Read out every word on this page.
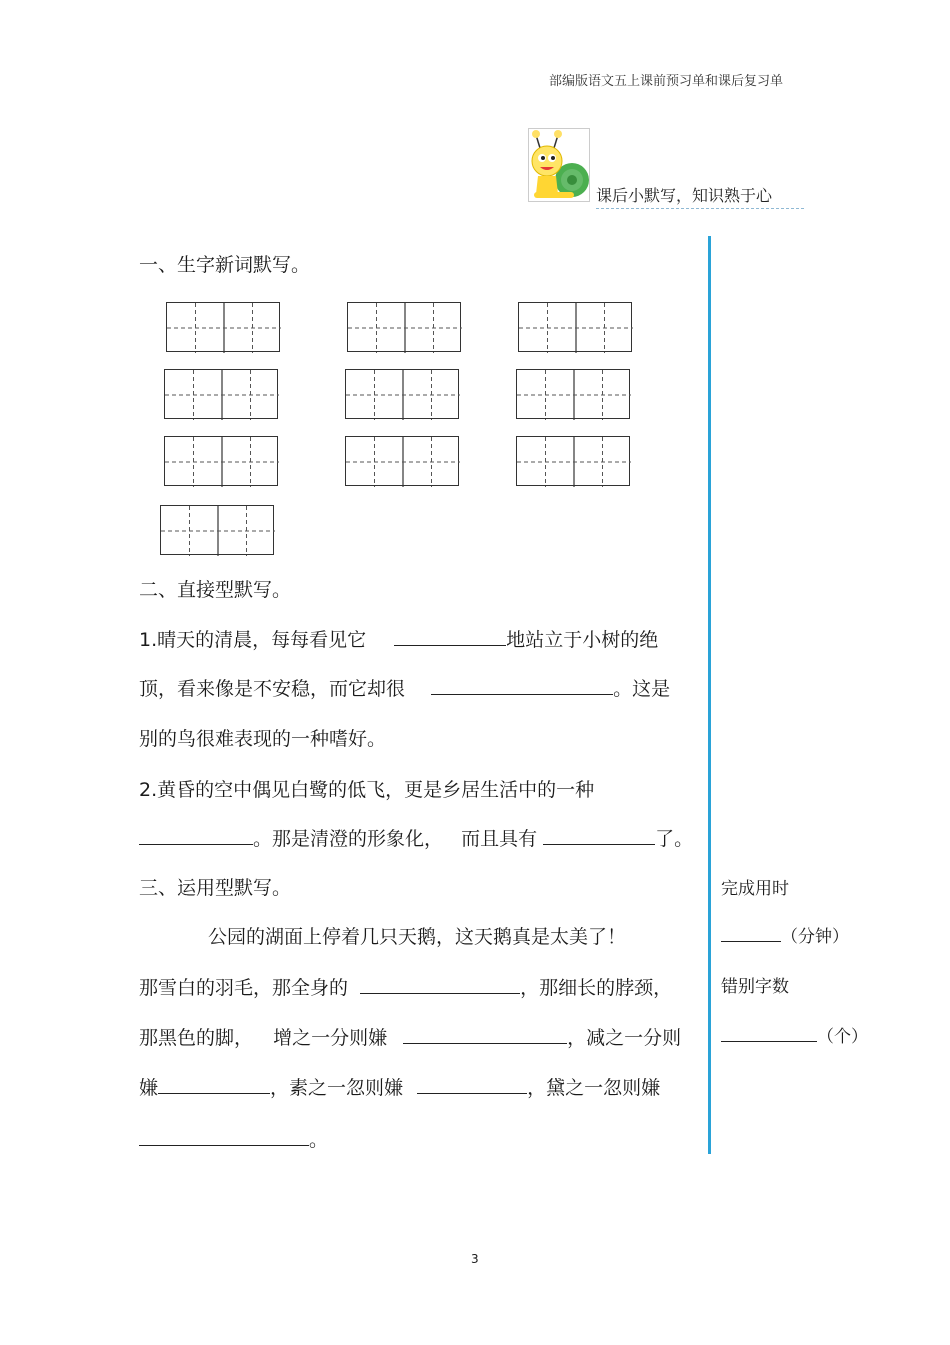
部编版语文五上课前预习单和课后复习单
课后小默写，知识熟于心
一、生字新词默写。
二、直接型默写。
1.晴天的清晨，每每看见它	地站立于小树的绝
顶，看来像是不安稳，而它却很	。这是
别的鸟很难表现的一种嗜好。
2.黄昏的空中偶见白鹭的低飞，更是乡居生活中的一种
。那是清澄的形象化， 而且具有	了。
三、运用型默写。
公园的湖面上停着几只天鹅，这天鹅真是太美了！
那雪白的羽毛，那全身的	，那细长的脖颈，
那黑色的脚， 增之一分则嫌	，减之一分则
嫌	，素之一忽则嫌	，黛之一忽则嫌
。
完成用时
（分钟）
错别字数
（个）
3
